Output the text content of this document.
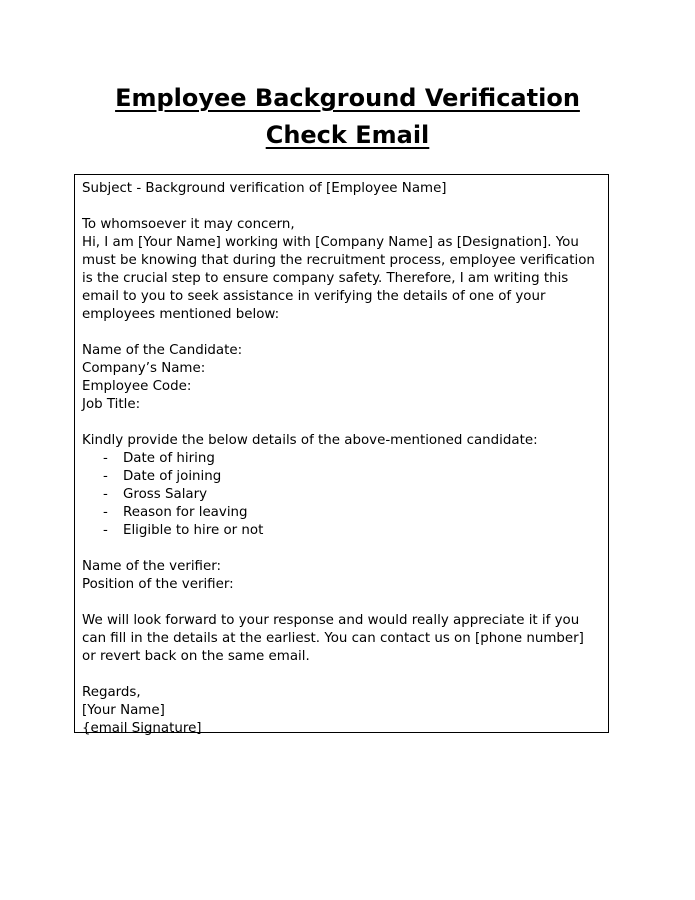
Employee Background Verification
Check Email

Subject - Background verification of [Employee Name]

To whomsoever it may concern,

Hi, I am [Your Name] working with [Company Name] as [Designation]. You must be knowing that during the recruitment process, employee verification is the crucial step to ensure company safety. Therefore, I am writing this email to you to seek assistance in verifying the details of one of your employees mentioned below:

Name of the Candidate:

Company’s Name:

Employee Code:

Job Title:

Kindly provide the below details of the above-mentioned candidate:

- Date of hiring
- Date of joining
- Gross Salary
- Reason for leaving
- Eligible to hire or not

Name of the verifier:

Position of the verifier:

We will look forward to your response and would really appreciate it if you can fill in the details at the earliest. You can contact us on [phone number] or revert back on the same email.

Regards,

[Your Name]

{email Signature]
